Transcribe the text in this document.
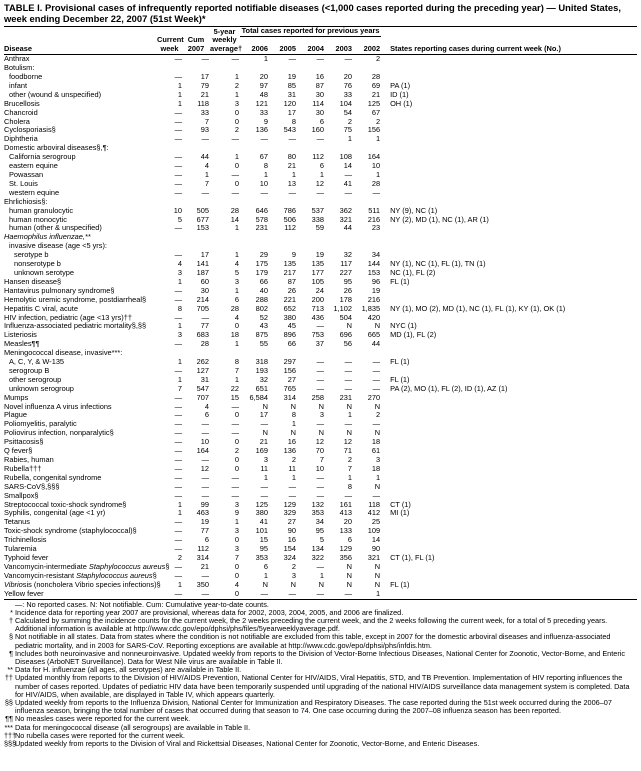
TABLE I. Provisional cases of infrequently reported notifiable diseases (<1,000 cases reported during the preceding year) — United States, week ending December 22, 2007 (51st Week)*
			5-year	Total cases reported for previous years					
Disease	Current week	Cum 2007	weekly average†	2006	2005	2004	2003	2002	States reporting cases during current week (No.)
Anthrax	—	—	—	1	—	—	—	2	
Botulism:									
foodborne	—	17	1	20	19	16	20	28	
infant	1	79	2	97	85	87	76	69	PA (1)
other (wound & unspecified)	1	21	1	48	31	30	33	21	ID (1)
Brucellosis	1	118	3	121	120	114	104	125	OH (1)
Chancroid	—	33	0	33	17	30	54	67	
Cholera	—	7	0	9	8	6	2	2	
Cyclosporiasis§	—	93	2	136	543	160	75	156	
Diphtheria	—	—	—	—	—	—	1	1	
Domestic arboviral diseases§,¶:									
California serogroup	—	44	1	67	80	112	108	164	
eastern equine	—	4	0	8	21	6	14	10	
Powassan	—	1	—	1	1	1	—	1	
St. Louis	—	7	0	10	13	12	41	28	
western equine	—	—	—	—	—	—	—	—	
Ehrlichiosis§:									
human granulocytic	10	505	28	646	786	537	362	511	NY (9), NC (1)
human monocytic	5	677	14	578	506	338	321	216	NY (2), MD (1), NC (1), AR (1)
human (other & unspecified)	—	153	1	231	112	59	44	23	
Haemophilus influenzae,**									
invasive disease (age <5 yrs):									
serotype b	—	17	1	29	9	19	32	34	
nonserotype b	4	141	4	175	135	135	117	144	NY (1), NC (1), FL (1), TN (1)
unknown serotype	3	187	5	179	217	177	227	153	NC (1), FL (2)
Hansen disease§	1	60	3	66	87	105	95	96	FL (1)
Hantavirus pulmonary syndrome§	—	30	1	40	26	24	26	19	
Hemolytic uremic syndrome, postdiarrheal§	—	214	6	288	221	200	178	216	
Hepatitis C viral, acute	8	705	28	802	652	713	1,102	1,835	NY (1), MO (2), MD (1), NC (1), FL (1), KY (1), OK (1)
HIV infection, pediatric (age <13 yrs)††	—	—	4	52	380	436	504	420	
Influenza-associated pediatric mortality§,§§	1	77	0	43	45	—	N	N	NYC (1)
Listeriosis	3	683	18	875	896	753	696	665	MD (1), FL (2)
Measles¶¶	—	28	1	55	66	37	56	44	
Meningococcal disease, invasive***:									
A, C, Y, & W-135	1	262	8	318	297	—	—	—	FL (1)
serogroup B	—	127	7	193	156	—	—	—	
other serogroup	1	31	1	32	27	—	—	—	FL (1)
unknown serogroup	7	547	22	651	765	—	—	—	PA (2), MO (1), FL (2), ID (1), AZ (1)
Mumps	—	707	15	6,584	314	258	231	270	
Novel influenza A virus infections	—	4	—	N	N	N	N	N	
Plague	—	6	0	17	8	3	1	2	
Poliomyelitis, paralytic	—	—	—	—	1	—	—	—	
Poliovirus infection, nonparalytic§	—	—	—	N	N	N	N	N	
Psittacosis§	—	10	0	21	16	12	12	18	
Q fever§	—	164	2	169	136	70	71	61	
Rabies, human	—	—	0	3	2	7	2	3	
Rubella†††	—	12	0	11	11	10	7	18	
Rubella, congenital syndrome	—	—	—	1	1	—	1	1	
SARS-CoV§,§§§	—	—	—	—	—	—	8	N	
Smallpox§	—	—	—	—	—	—	—	—	
Streptococcal toxic-shock syndrome§	1	99	3	125	129	132	161	118	CT (1)
Syphilis, congenital (age <1 yr)	1	463	9	380	329	353	413	412	MI (1)
Tetanus	—	19	1	41	27	34	20	25	
Toxic-shock syndrome (staphylococcal)§	—	77	3	101	90	95	133	109	
Trichinellosis	—	6	0	15	16	5	6	14	
Tularemia	—	112	3	95	154	134	129	90	
Typhoid fever	2	314	7	353	324	322	356	321	CT (1), FL (1)
Vancomycin-intermediate Staphylococcus aureus§	—	21	0	6	2	—	N	N	
Vancomycin-resistant Staphylococcus aureus§	—	—	0	1	3	1	N	N	
Vibriosis (noncholera Vibrio species infections)§	1	350	4	N	N	N	N	N	FL (1)
Yellow fever	—	—	0	—	—	—	—	1	
—: No reported cases. N: Not notifiable. Cum: Cumulative year-to-date counts.
* Incidence data for reporting year 2007 are provisional, whereas data for 2002, 2003, 2004, 2005, and 2006 are finalized.
† Calculated by summing the incidence counts for the current week, the 2 weeks preceding the current week, and the 2 weeks following the current week, for a total of 5 preceding years. Additional information is available at http://www.cdc.gov/epo/dphsi/phs/files/5yearweeklyaverage.pdf.
§ Not notifiable in all states. Data from states where the condition is not notifiable are excluded from this table, except in 2007 for the domestic arboviral diseases and influenza-associated pediatric mortality, and in 2003 for SARS-CoV. Reporting exceptions are available at http://www.cdc.gov/epo/dphsi/phs/infdis.htm.
¶ Includes both neuroinvasive and nonneuroinvasive. Updated weekly from reports to the Division of Vector-Borne Infectious Diseases, National Center for Zoonotic, Vector-Borne, and Enteric Diseases (ArboNET Surveillance). Data for West Nile virus are available in Table II.
** Data for H. influenzae (all ages, all serotypes) are available in Table II.
†† Updated monthly from reports to the Division of HIV/AIDS Prevention, National Center for HIV/AIDS, Viral Hepatitis, STD, and TB Prevention. Implementation of HIV reporting influences the number of cases reported. Updates of pediatric HIV data have been temporarily suspended until upgrading of the national HIV/AIDS surveillance data management system is completed. Data for HIV/AIDS, when available, are displayed in Table IV, which appears quarterly.
§§ Updated weekly from reports to the Influenza Division, National Center for Immunization and Respiratory Diseases. The case reported during the 51st week occurred during the 2006–07 influenza season, bringing the total number of cases that occurred during that season to 74. One case occurring during the 2007–08 influenza season has been reported.
¶¶ No measles cases were reported for the current week.
*** Data for meningococcal disease (all serogroups) are available in Table II.
†††
No rubella cases were reported for the current week.
§§§
Updated weekly from reports to the Division of Viral and Rickettsial Diseases, National Center for Zoonotic, Vector-Borne, and Enteric Diseases.
